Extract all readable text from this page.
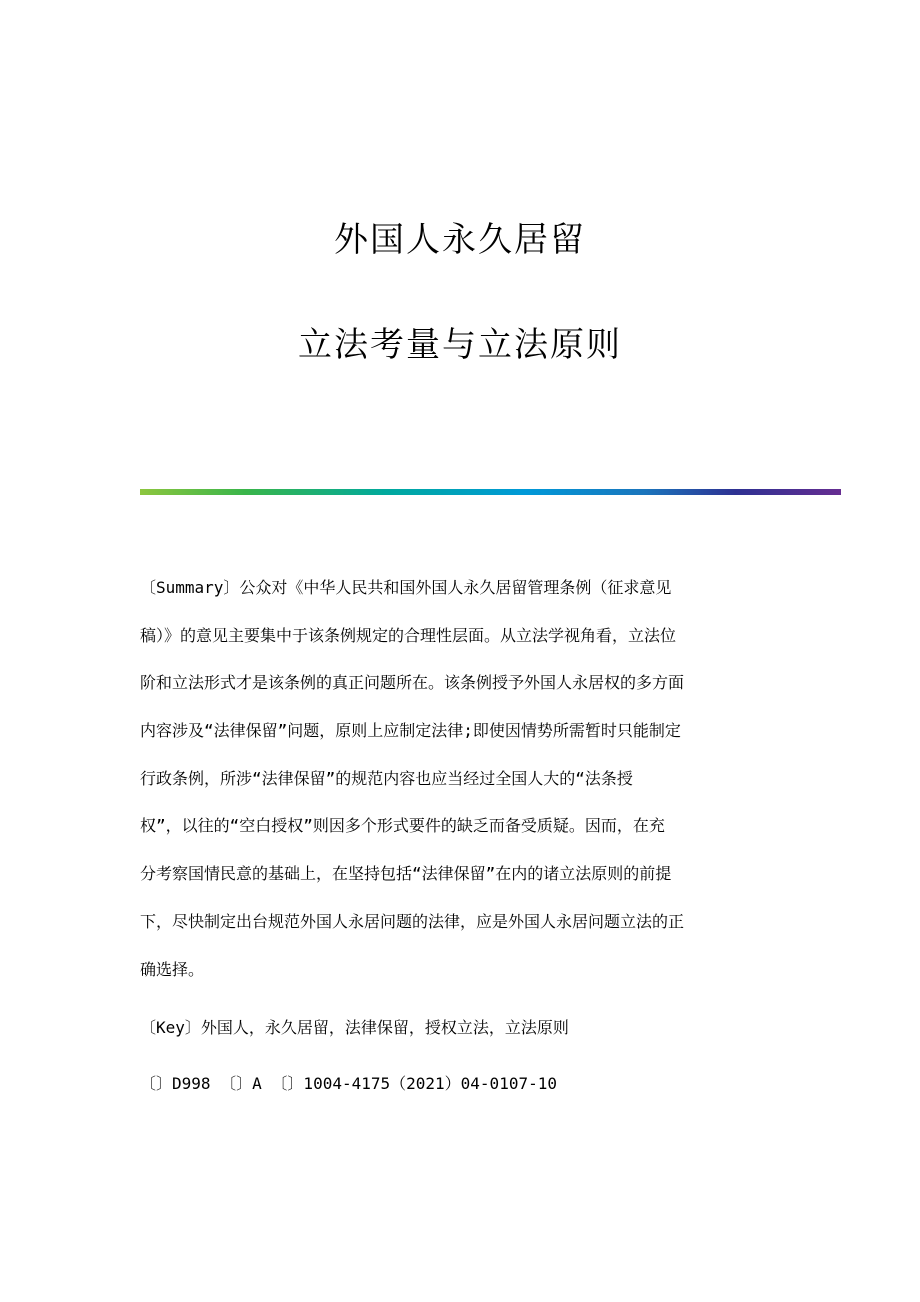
外国人永久居留
立法考量与立法原则
〔Summary〕公众对《中华人民共和国外国人永久居留管理条例（征求意见
稿）》的意见主要集中于该条例规定的合理性层面。从立法学视角看，立法位
阶和立法形式才是该条例的真正问题所在。该条例授予外国人永居权的多方面
内容涉及“法律保留”问题，原则上应制定法律;即使因情势所需暂时只能制定
行政条例，所涉“法律保留”的规范内容也应当经过全国人大的“法条授
权”，以往的“空白授权”则因多个形式要件的缺乏而备受质疑。因而，在充
分考察国情民意的基础上，在坚持包括“法律保留”在内的诸立法原则的前提
下，尽快制定出台规范外国人永居问题的法律，应是外国人永居问题立法的正
确选择。

〔Key〕外国人，永久居留，法律保留，授权立法，立法原则

〔〕D998 〔〕A 〔〕1004-4175（2021）04-0107-10
